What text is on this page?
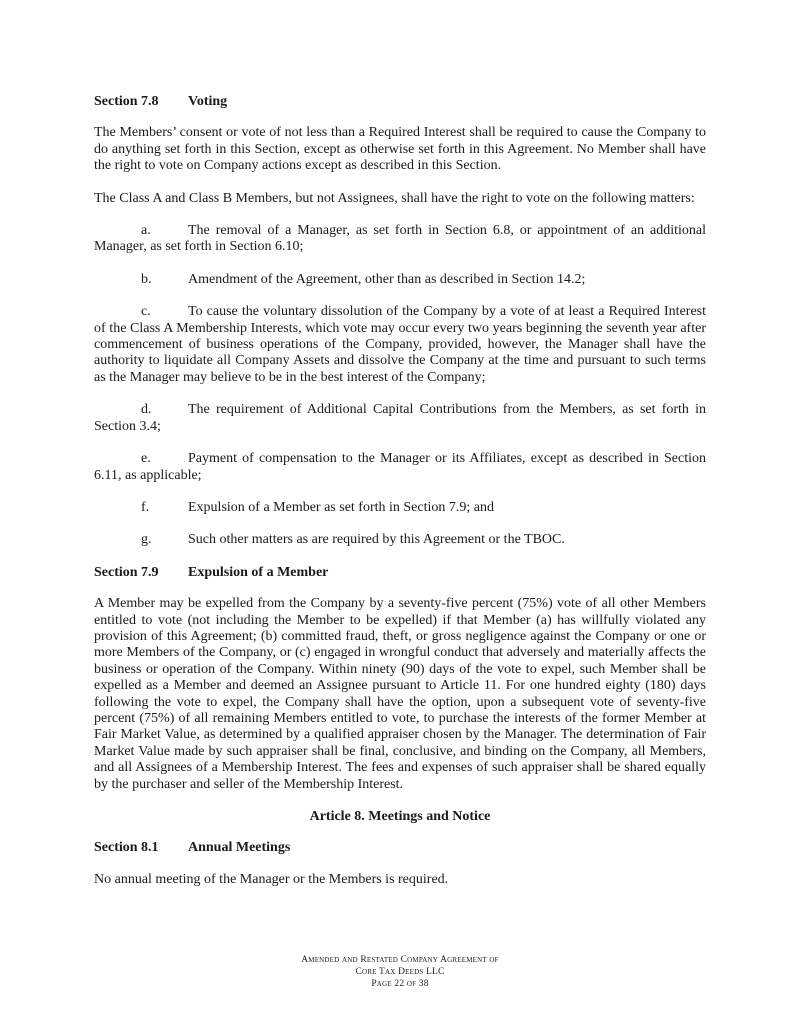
Section 7.8 Voting

The Members’ consent or vote of not less than a Required Interest shall be required to cause the Company to do anything set forth in this Section, except as otherwise set forth in this Agreement. No Member shall have the right to vote on Company actions except as described in this Section.

The Class A and Class B Members, but not Assignees, shall have the right to vote on the following matters:

a.	The removal of a Manager, as set forth in Section 6.8, or appointment of an additional Manager, as set forth in Section 6.10;

b.	Amendment of the Agreement, other than as described in Section 14.2;

c.	To cause the voluntary dissolution of the Company by a vote of at least a Required Interest of the Class A Membership Interests, which vote may occur every two years beginning the seventh year after commencement of business operations of the Company, provided, however, the Manager shall have the authority to liquidate all Company Assets and dissolve the Company at the time and pursuant to such terms as the Manager may believe to be in the best interest of the Company;

d.	The requirement of Additional Capital Contributions from the Members, as set forth in Section 3.4;

e.	Payment of compensation to the Manager or its Affiliates, except as described in Section 6.11, as applicable;

f.	Expulsion of a Member as set forth in Section 7.9; and

g.	Such other matters as are required by this Agreement or the TBOC.

Section 7.9 Expulsion of a Member

A Member may be expelled from the Company by a seventy-five percent (75%) vote of all other Members entitled to vote (not including the Member to be expelled) if that Member (a) has willfully violated any provision of this Agreement; (b) committed fraud, theft, or gross negligence against the Company or one or more Members of the Company, or (c) engaged in wrongful conduct that adversely and materially affects the business or operation of the Company. Within ninety (90) days of the vote to expel, such Member shall be expelled as a Member and deemed an Assignee pursuant to Article 11. For one hundred eighty (180) days following the vote to expel, the Company shall have the option, upon a subsequent vote of seventy-five percent (75%) of all remaining Members entitled to vote, to purchase the interests of the former Member at Fair Market Value, as determined by a qualified appraiser chosen by the Manager. The determination of Fair Market Value made by such appraiser shall be final, conclusive, and binding on the Company, all Members, and all Assignees of a Membership Interest. The fees and expenses of such appraiser shall be shared equally by the purchaser and seller of the Membership Interest.

Article 8. Meetings and Notice
Section 8.1 Annual Meetings

No annual meeting of the Manager or the Members is required.

Amended and Restated Company Agreement of
Core Tax Deeds LLC
Page 22 of 38
